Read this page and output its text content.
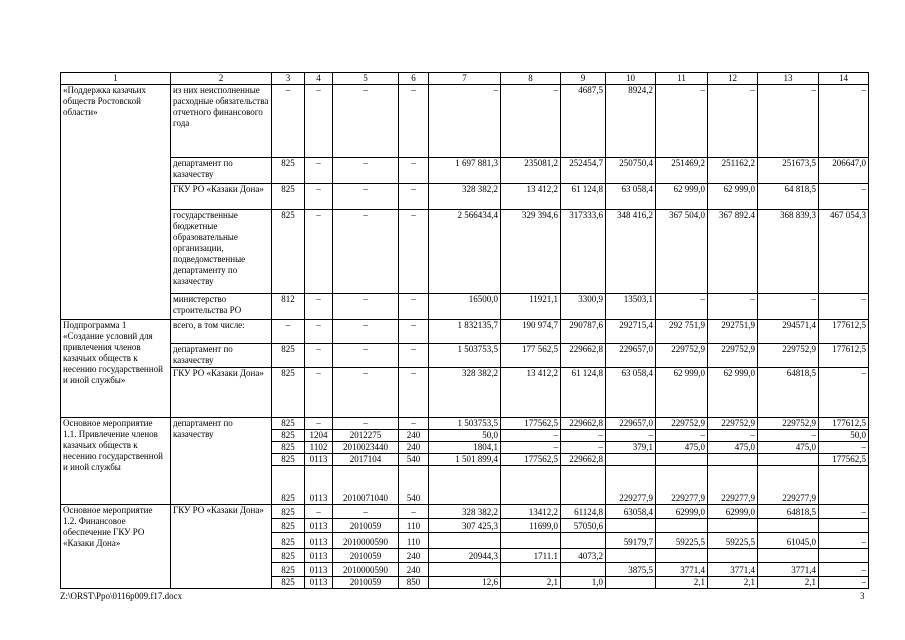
1	2	3	4	5	6	7	8	9	10	11	12	13	14
«Поддержка казачьих обществ Ростовской области»	из них неисполненные расходные обязательства отчетного финансового года	–	–	–	–	–	–	4687,5	8924,2	–	–	–	–
	департамент по казачеству	825	–	–	–	1 697 881,3	235081,2	252454,7	250750,4	251469,2	251162,2	251673,5	206647,0
	ГКУ РО «Казаки Дона»	825	–	–	–	328 382,2	13 412,2	61 124,8	63 058,4	62 999,0	62 999,0	64 818,5	–
	государственные бюджетные образовательные организации, подведомственные департаменту по казачеству	825	–	–	–	2 566434,4	329 394,6	317333,6	348 416,2	367 504,0	367 892.4	368 839,3	467 054,3
	министерство строительства РО	812	–	–	–	16500,0	11921,1	3300,9	13503,1	–	–	–	–
Подпрограмма 1 «Создание условий для привлечения членов казачьих обществ к несению государственной и иной службы»	всего, в том числе:	–	–	–	–	1 832135,7	190 974,7	290787,6	292715,4	292 751,9	292751,9	294571,4	177612,5
	департамент по казачеству	825	–	–	–	1 503753,5	177 562,5	229662,8	229657,0	229752,9	229752,9	229752,9	177612,5
	ГКУ РО «Казаки Дона»	825	–	–	–	328 382,2	13 412,2	61 124,8	63 058,4	62 999,0	62 999,0	64818,5	–
Основное мероприятие 1.1. Привлечение членов казачьих обществ к несению государственной и иной службы	департамент по казачеству	825	–	–	–	1 503753,5	177562,5	229662,8	229657,0	229752,9	229752,9	229752,9	177612,5
		825	1204	2012275	240	50,0	–	–	–	–	–	–	50,0
		825	1102	2010023440	240	1804,1	–	–	379,1	475,0	475,0	475,0	–
		825	0113	2017104	540	1 501 899,4	177562,5	229662,8					177562,5
		825	0113	2010071040	540				229277,9	229277,9	229277,9	229277,9	
Основное мероприятие 1.2. Финансовое обеспечение ГКУ РО «Казаки Дона»	ГКУ РО «Казаки Дона»	825	–	–	–	328 382,2	13412,2	61124,8	63058,4	62999,0	62999,0	64818,5	–
		825	0113	2010059	110	307 425,3	11699,0	57050,6					
		825	0113	2010000590	110				59179,7	59225,5	59225,5	61045,0	–
		825	0113	2010059	240	20944,3	1711.1	4073,2					
		825	0113	2010000590	240				3875,5	3771,4	3771,4	3771,4	–
		825	0113	2010059	850	12,6	2,1	1,0		2,1	2,1	2,1	–
Z:\ORST\Ppo\0116p009.f17.docx	3
